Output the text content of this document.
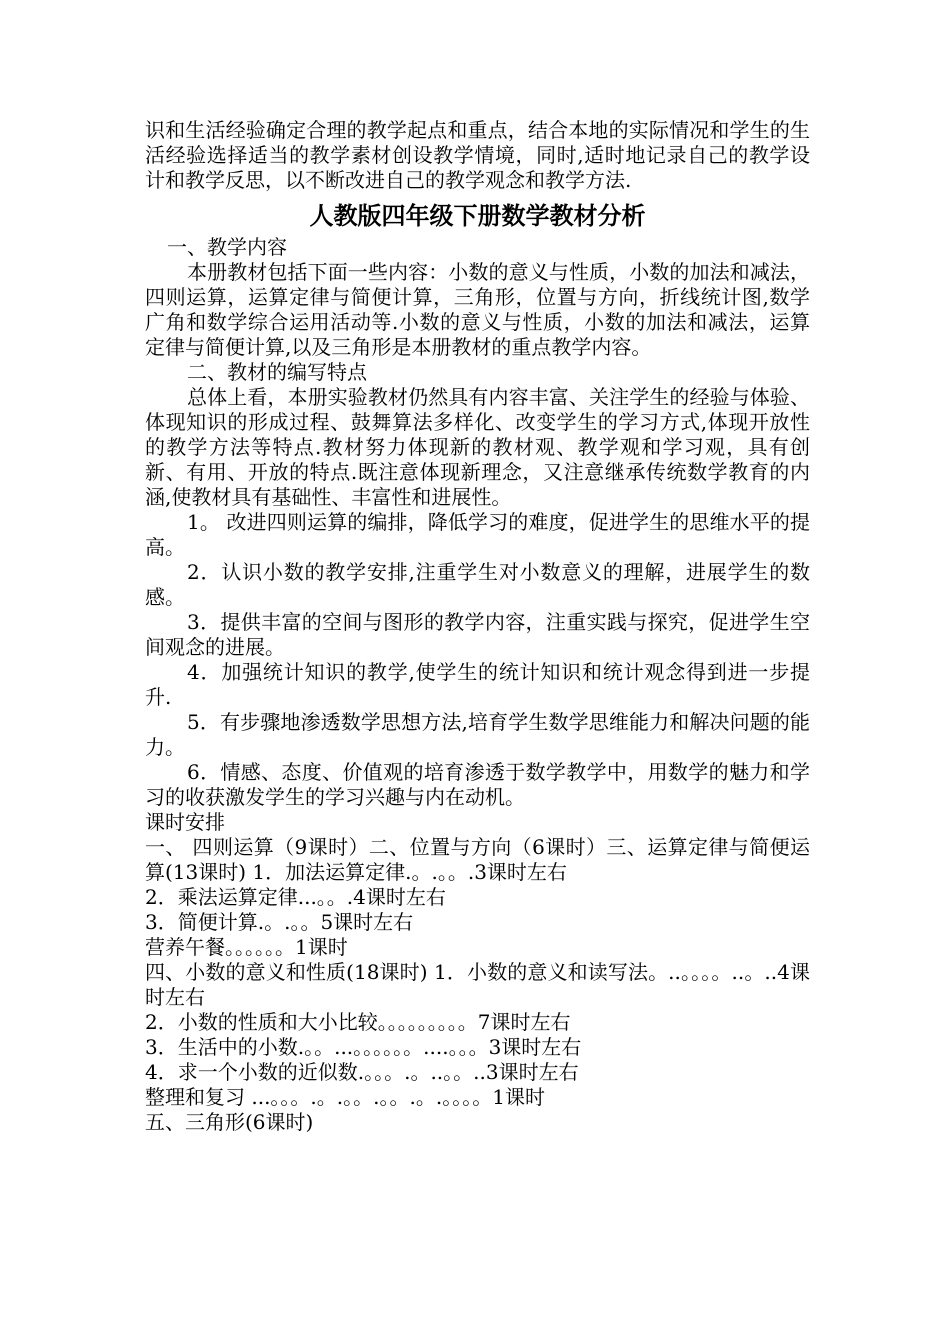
识和生活经验确定合理的教学起点和重点，结合本地的实际情况和学生的生活经验选择适当的教学素材创设教学情境，同时,适时地记录自己的教学设计和教学反思，以不断改进自己的教学观念和教学方法.

人教版四年级下册数学教材分析

一、教学内容

本册教材包括下面一些内容：小数的意义与性质，小数的加法和减法，四则运算，运算定律与简便计算，三角形，位置与方向，折线统计图,数学广角和数学综合运用活动等.小数的意义与性质，小数的加法和减法，运算定律与简便计算,以及三角形是本册教材的重点教学内容。

二、教材的编写特点

总体上看，本册实验教材仍然具有内容丰富、关注学生的经验与体验、体现知识的形成过程、鼓舞算法多样化、改变学生的学习方式,体现开放性的教学方法等特点.教材努力体现新的教材观、教学观和学习观，具有创新、有用、开放的特点.既注意体现新理念，又注意继承传统数学教育的内涵,使教材具有基础性、丰富性和进展性。

1。 改进四则运算的编排，降低学习的难度，促进学生的思维水平的提高。

2．认识小数的教学安排,注重学生对小数意义的理解，进展学生的数感。

3．提供丰富的空间与图形的教学内容，注重实践与探究，促进学生空间观念的进展。

4．加强统计知识的教学,使学生的统计知识和统计观念得到进一步提升.

5．有步骤地渗透数学思想方法,培育学生数学思维能力和解决问题的能力。

6．情感、态度、价值观的培育渗透于数学教学中，用数学的魅力和学习的收获激发学生的学习兴趣与内在动机。

课时安排

一、 四则运算（9课时）二、位置与方向（6课时）三、运算定律与简便运算(13课时) 1．加法运算定律.。.。。.3课时左右

2．乘法运算定律...。。.4课时左右

3．简便计算.。.。。5课时左右

营养午餐。。。。。。1课时

四、小数的意义和性质(18课时) 1．小数的意义和读写法。..。。。。..。..4课时左右

2．小数的性质和大小比较。。。。。。。。。7课时左右

3．生活中的小数.。。...。。。。。。....。。。3课时左右

4．求一个小数的近似数.。。。.。..。。..3课时左右

整理和复习 ...。。。.。.。。.。。.。.。。。。1课时

五、三角形(6课时)
